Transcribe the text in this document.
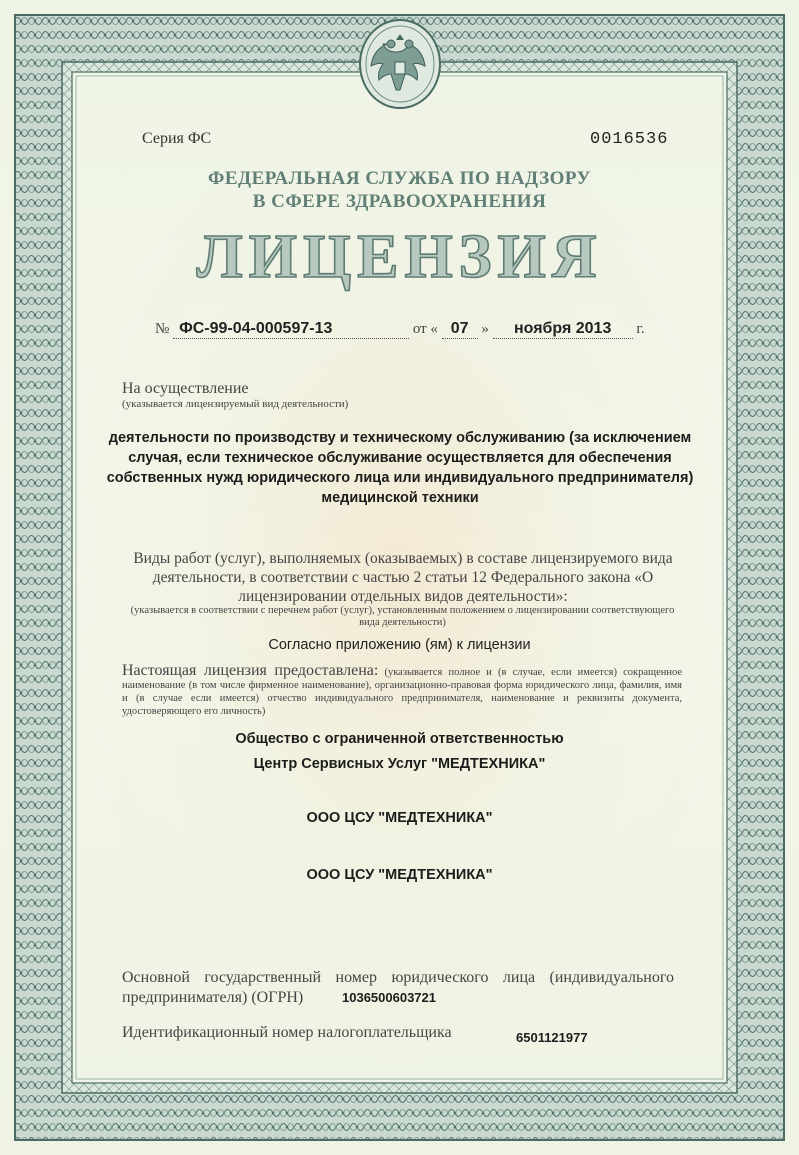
Серия ФС	0016536
ФЕДЕРАЛЬНАЯ СЛУЖБА ПО НАДЗОРУ
В СФЕРЕ ЗДРАВООХРАНЕНИЯ
ЛИЦЕНЗИЯ
№ ФС-99-04-000597-13	от « 07 » ноября 2013 г.
На осуществление
(указывается лицензируемый вид деятельности)
деятельности по производству и техническому обслуживанию (за исключением случая, если техническое обслуживание осуществляется для обеспечения собственных нужд юридического лица или индивидуального предпринимателя) медицинской техники
Виды работ (услуг), выполняемых (оказываемых) в составе лицензируемого вида деятельности, в соответствии с частью 2 статьи 12 Федерального закона «О лицензировании отдельных видов деятельности»:
(указывается в соответствии с перечнем работ (услуг), установленным положением о лицензировании соответствующего вида деятельности)
Согласно приложению (ям) к лицензии
Настоящая лицензия предоставлена: (указывается полное и (в случае, если имеется) сокращенное наименование (в том числе фирменное наименование), организационно-правовая форма юридического лица, фамилия, имя и (в случае если имеется) отчество индивидуального предпринимателя, наименование и реквизиты документа, удостоверяющего его личность)
Общество с ограниченной ответственностью
Центр Сервисных Услуг "МЕДТЕХНИКА"
ООО ЦСУ "МЕДТЕХНИКА"
ООО ЦСУ "МЕДТЕХНИКА"
Основной государственный номер юридического лица (индивидуального предпринимателя) (ОГРН)	1036500603721
Идентификационный номер налогоплательщика	6501121977
